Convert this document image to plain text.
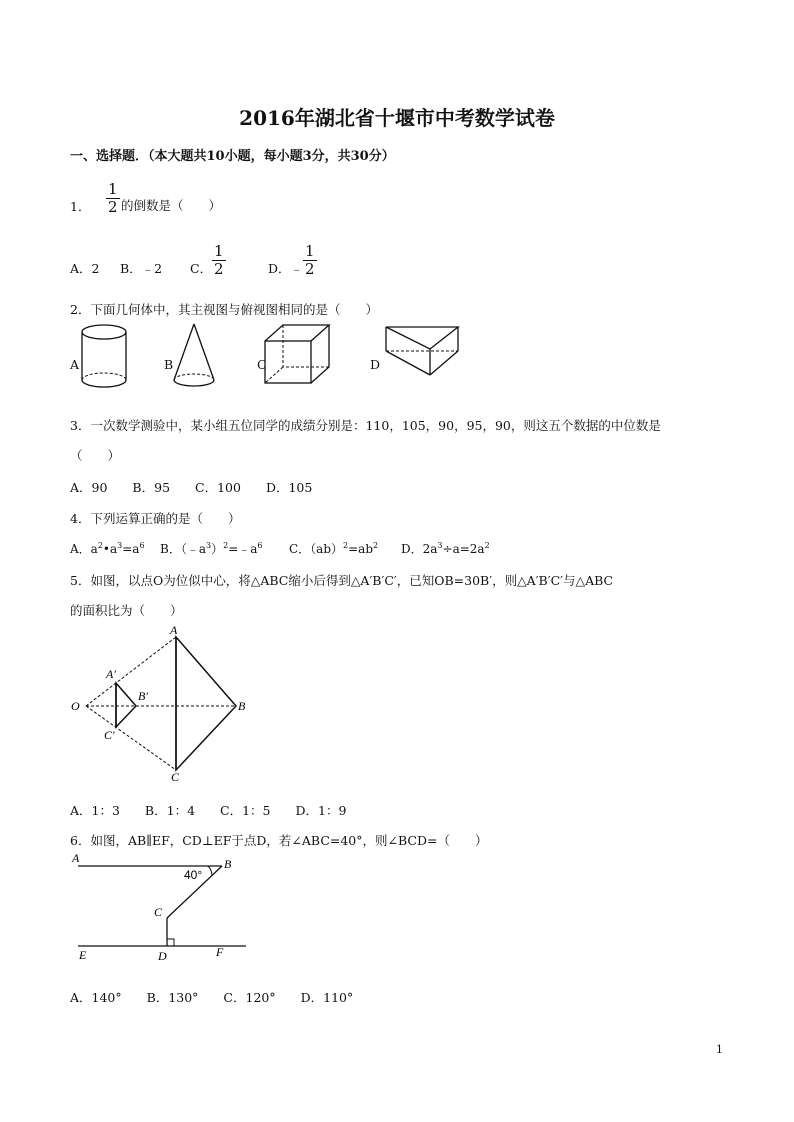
2016年湖北省十堰市中考数学试卷
一、选择题．（本大题共10小题，每小题3分，共30分）
1． $\frac{1}{2}$ 的倒数是（　　）
A．2 B．﹣2 C． $\frac{1}{2}$	D．﹣ $\frac{1}{2}$
2．下面几何体中，其主视图与俯视图相同的是（　　）
A	B	C	D
3．一次数学测验中，某小组五位同学的成绩分别是：110，105，90，95，90，则这五个数据的中位数是
（　　）
A．90　　B．95　　C．100　　D．105
4．下列运算正确的是（　　）
A．$a^2•a^3=a^6$ B．$(﹣a^3)^2=﹣a^6$ C．$(ab)^2=ab^2$ D．$2a^3\div a=2a^2$
5．如图，以点O为位似中心，将△ABC缩小后得到△A′B′C′，已知OB=30B′，则△A′B′C′与△ABC
的面积比为（　　）
A
B
C
O
A′
B′
C′
A．1：3　　B．1：4　　C．1：5　　D．1：9
6．如图，AB∥EF，CD⊥EF于点D，若∠ABC=40°，则∠BCD=（　　）
A	B
40°
C
D
E	F
A．140°　　B．130°　　C．120°　　D．110°
1
